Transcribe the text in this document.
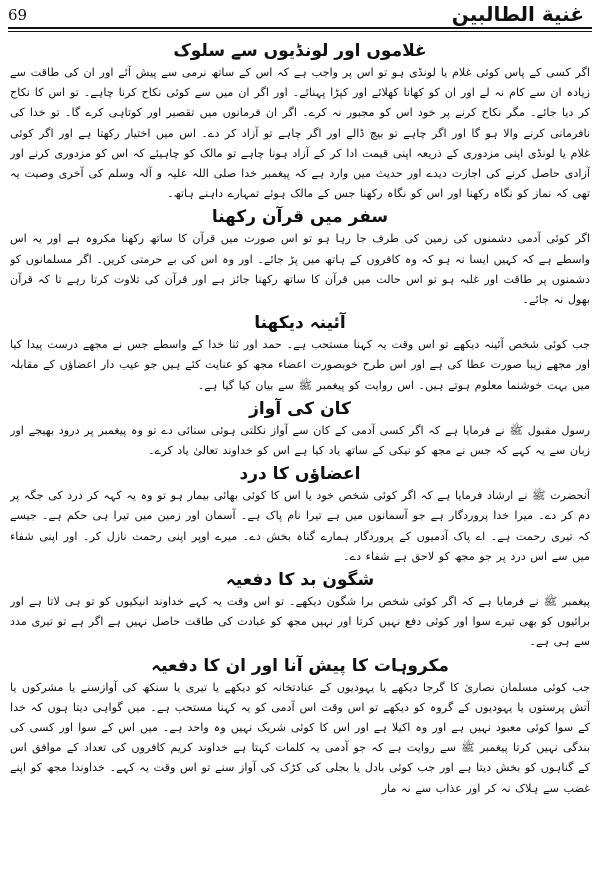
69	غنية الطالبين
غلاموں اور لونڈیوں سے سلوک

اگر کسی کے پاس کوئی غلام یا لونڈی ہو تو اس پر واجب ہے کہ اس کے ساتھ نرمی سے پیش آئے اور ان کی طاقت سے زیادہ ان سے کام نہ لے اور ان کو کھانا کھلائے اور کپڑا پہنائے۔ اور اگر ان میں سے کوئی نکاح کرنا چاہے۔ تو اس کا نکاح کر دیا جائے۔ مگر نکاح کرنے پر خود اس کو مجبور نہ کرے۔ اگر ان فرمانوں میں تقصیر اور کوتاہی کرے گا۔ تو خدا کی نافرمانی کرنے والا ہو گا اور اگر چاہے تو بیچ ڈالے اور اگر چاہے تو آزاد کر دے۔ اس میں اختیار رکھتا ہے اور اگر کوئی غلام یا لونڈی اپنی مزدوری کے ذریعہ اپنی قیمت ادا کر کے آزاد ہونا چاہے تو مالک کو چاہیئے کہ اس کو مزدوری کرنے اور آزادی حاصل کرنے کی اجازت دیدے اور حدیث میں وارد ہے کہ پیغمبر خدا صلی اللہ علیہ و آلہ وسلم کی آخری وصیت یہ تھی کہ نماز کو نگاہ رکھنا اور اس کو نگاہ رکھنا جس کے مالک ہوئے تمہارے داہنے ہاتھ۔

سفر میں قرآن رکھنا

اگر کوئی آدمی دشمنوں کی زمین کی طرف جا رہا ہو تو اس صورت میں قرآن کا ساتھ رکھنا مکروہ ہے اور یہ اس واسطے ہے کہ کہیں ایسا نہ ہو کہ وہ کافروں کے ہاتھ میں پڑ جائے۔ اور وہ اس کی بے حرمتی کریں۔ اگر مسلمانوں کو دشمنوں پر طاقت اور غلبہ ہو تو اس حالت میں قرآن کا ساتھ رکھنا جائز ہے اور قرآن کی تلاوت کرتا رہے تا کہ قرآن بھول نہ جائے۔

آئینہ دیکھنا

جب کوئی شخص آئینہ دیکھے تو اس وقت یہ کہنا مستحب ہے۔ حمد اور ثنا خدا کے واسطے جس نے مجھے درست پیدا کیا اور مجھے زیبا صورت عطا کی ہے اور اس طرح خوبصورت اعضاء مجھ کو عنایت کئے ہیں جو عیب دار اعضاؤں کے مقابلہ میں بہت خوشنما معلوم ہوتے ہیں۔ اس روایت کو پیغمبر ﷺ سے بیان کیا گیا ہے۔

کان کی آواز

رسول مقبول ﷺ نے فرمایا ہے کہ اگر کسی آدمی کے کان سے آواز نکلتی ہوئی سنائی دے تو وہ پیغمبر پر درود بھیجے اور زبان سے یہ کہے کہ جس نے مجھ کو نیکی کے ساتھ یاد کیا ہے اس کو خداوند تعالیٰ یاد کرے۔

اعضاؤں کا درد

آنحضرت ﷺ نے ارشاد فرمایا ہے کہ اگر کوئی شخص خود یا اس کا کوئی بھائی بیمار ہو تو وہ یہ کہہ کر درد کی جگہ پر دم کر دے۔ میرا خدا پروردگار ہے جو آسمانوں میں ہے تیرا نام پاک ہے۔ آسمان اور زمین میں تیرا ہی حکم ہے۔ جیسے کہ تیری رحمت ہے۔ اے پاک آدمیوں کے پروردگار ہمارے گناہ بخش دے۔ میرے اوپر اپنی رحمت نازل کر۔ اور اپنی شفاء میں سے اس درد پر جو مجھ کو لاحق ہے شفاء دے۔

شگون بد کا دفعیہ

پیغمبر ﷺ نے فرمایا ہے کہ اگر کوئی شخص برا شگون دیکھے۔ تو اس وقت یہ کہے خداوند انیکیوں کو تو ہی لاتا ہے اور برائیوں کو بھی تیرے سوا اور کوئی دفع نہیں کرتا اور نہیں مجھ کو عبادت کی طاقت حاصل نہیں ہے اگر ہے تو تیری مدد سے ہی ہے۔

مکروہات کا پیش آنا اور ان کا دفعیہ

جب کوئی مسلمان نصاریٰ کا گرجا دیکھے یا یہودیوں کے عبادتخانہ کو دیکھے یا تیری یا سنکھ کی آوازسنے یا مشرکوں یا آتش پرستوں یا یہودیوں کے گروہ کو دیکھے تو اس وقت اس آدمی کو یہ کہنا مستحب ہے۔ میں گواہی دیتا ہوں کہ خدا کے سوا کوئی معبود نہیں ہے اور وہ اکیلا ہے اور اس کا کوئی شریک نہیں وہ واحد ہے۔ میں اس کے سوا اور کسی کی بندگی نہیں کرتا پیغمبر ﷺ سے روایت ہے کہ جو آدمی یہ کلمات کہتا ہے خداوند کریم کافروں کی تعداد کے موافق اس کے گناہوں کو بخش دیتا ہے اور جب کوئی بادل یا بجلی کی کڑک کی آواز سنے تو اس وقت یہ کہے۔ خداوندا مجھ کو اپنے غضب سے ہلاک نہ کر اور عذاب سے نہ مار
